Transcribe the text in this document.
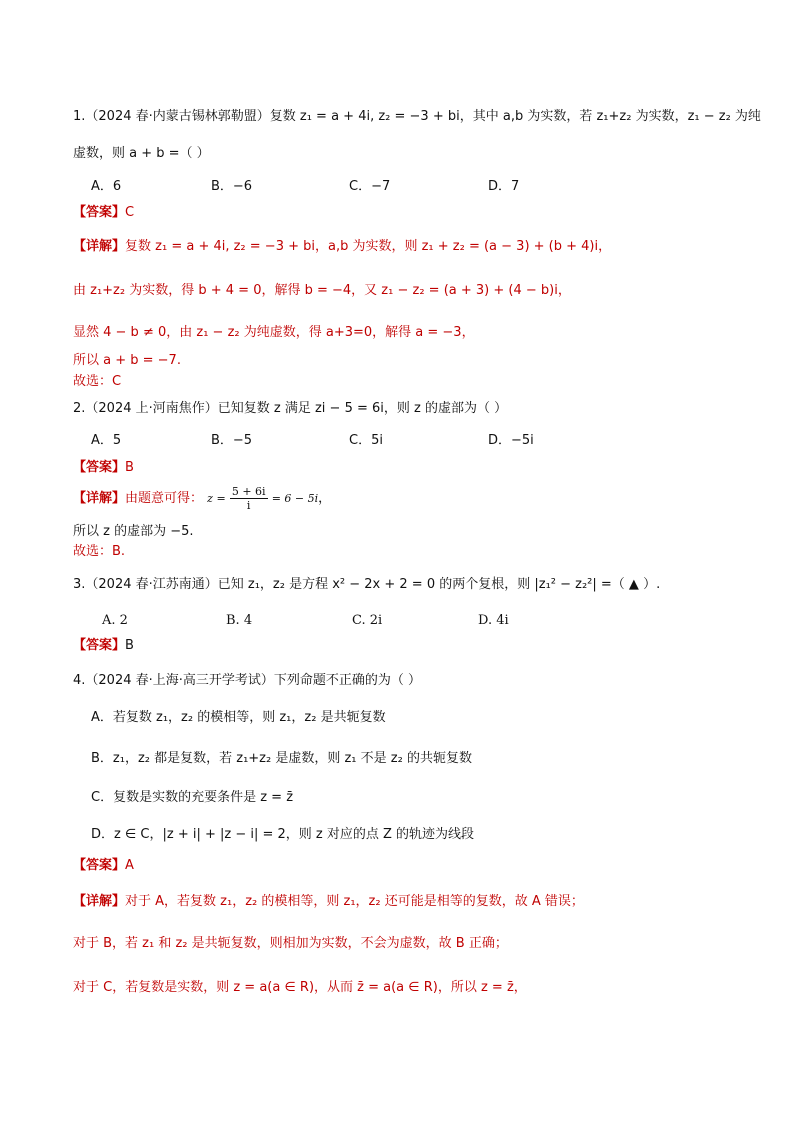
1.（2024 春·内蒙古锡林郭勒盟）复数 z₁ = a + 4i, z₂ = −3 + bi，其中 a,b 为实数，若 z₁+z₂ 为实数，z₁ − z₂ 为纯
虚数，则 a + b =（ ）
A．6	B．−6	C．−7	D．7
【答案】C
【详解】复数 z₁ = a + 4i, z₂ = −3 + bi，a,b 为实数，则 z₁ + z₂ = (a − 3) + (b + 4)i，
由 z₁+z₂ 为实数，得 b + 4 = 0，解得 b = −4，又 z₁ − z₂ = (a + 3) + (4 − b)i，
显然 4 − b ≠ 0，由 z₁ − z₂ 为纯虚数，得 a+3=0，解得 a = −3，
所以 a + b = −7.
故选：C
2.（2024 上·河南焦作）已知复数 z 满足 zi − 5 = 6i，则 z 的虚部为（ ）
A．5	B．−5	C．5i	D．−5i
【答案】B
【详解】由题意可得： $z = \frac{5 + 6i}{i} = 6 - 5i$，
所以 z 的虚部为 −5.
故选：B.
3.（2024 春·江苏南通）已知 z₁，z₂ 是方程 x² − 2x + 2 = 0 的两个复根，则 |z₁² − z₂²| =（ ▲ ）.
A. 2	B. 4	C. 2i	D. 4i
【答案】B
4.（2024 春·上海·高三开学考试）下列命题不正确的为（ ）
A．若复数 z₁，z₂ 的模相等，则 z₁，z₂ 是共轭复数
B．z₁，z₂ 都是复数，若 z₁+z₂ 是虚数，则 z₁ 不是 z₂ 的共轭复数
C．复数是实数的充要条件是 z = z̄
D．z ∈ C，|z + i| + |z − i| = 2，则 z 对应的点 Z 的轨迹为线段
【答案】A
【详解】对于 A，若复数 z₁，z₂ 的模相等，则 z₁，z₂ 还可能是相等的复数，故 A 错误；
对于 B，若 z₁ 和 z₂ 是共轭复数，则相加为实数，不会为虚数，故 B 正确；
对于 C，若复数是实数，则 z = a(a ∈ R)，从而 z̄ = a(a ∈ R)，所以 z = z̄，
